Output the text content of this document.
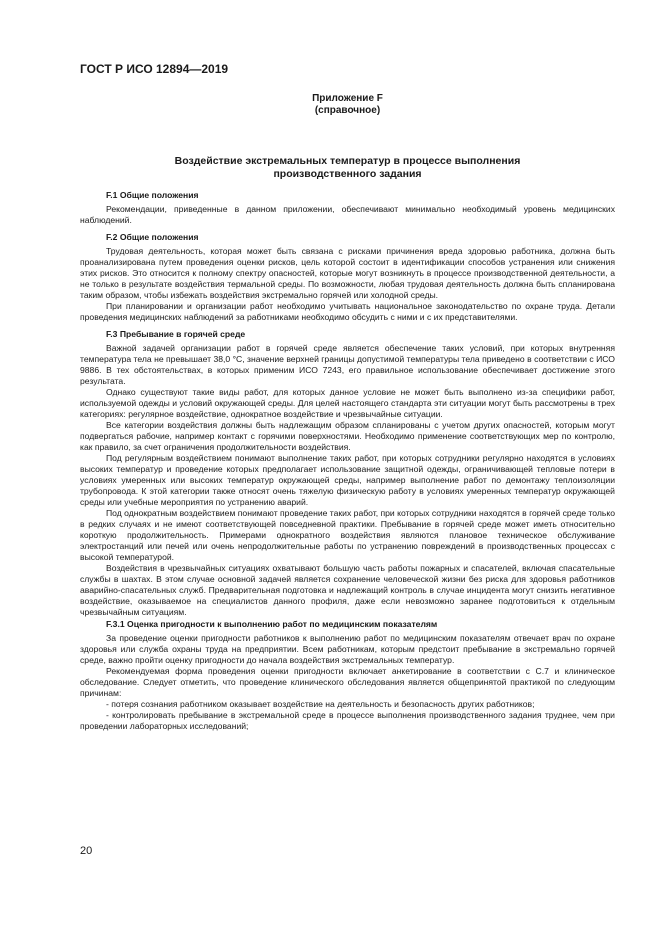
ГОСТ Р ИСО 12894—2019
Приложение F
(справочное)
Воздействие экстремальных температур в процессе выполнения
производственного задания
F.1 Общие положения

Рекомендации, приведенные в данном приложении, обеспечивают минимально необходимый уровень медицинских наблюдений.

F.2 Общие положения

Трудовая деятельность, которая может быть связана с рисками причинения вреда здоровью работника, должна быть проанализирована путем проведения оценки рисков, цель которой состоит в идентификации способов устранения или снижения этих рисков. Это относится к полному спектру опасностей, которые могут возникнуть в процессе производственной деятельности, а не только в результате воздействия термальной среды. По возможности, любая трудовая деятельность должна быть спланирована таким образом, чтобы избежать воздействия экстремально горячей или холодной среды.

При планировании и организации работ необходимо учитывать национальное законодательство по охране труда. Детали проведения медицинских наблюдений за работниками необходимо обсудить с ними и с их представителями.

F.3 Пребывание в горячей среде

Важной задачей организации работ в горячей среде является обеспечение таких условий, при которых внутренняя температура тела не превышает 38,0 °С, значение верхней границы допустимой температуры тела приведено в соответствии с ИСО 9886. В тех обстоятельствах, в которых применим ИСО 7243, его правильное использование обеспечивает достижение этого результата.

Однако существуют такие виды работ, для которых данное условие не может быть выполнено из-за специфики работ, используемой одежды и условий окружающей среды. Для целей настоящего стандарта эти ситуации могут быть рассмотрены в трех категориях: регулярное воздействие, однократное воздействие и чрезвычайные ситуации.

Все категории воздействия должны быть надлежащим образом спланированы с учетом других опасностей, которым могут подвергаться рабочие, например контакт с горячими поверхностями. Необходимо применение соответствующих мер по контролю, как правило, за счет ограничения продолжительности воздействия.

Под регулярным воздействием понимают выполнение таких работ, при которых сотрудники регулярно находятся в условиях высоких температур и проведение которых предполагает использование защитной одежды, ограничивающей тепловые потери в условиях умеренных или высоких температур окружающей среды, например выполнение работ по демонтажу теплоизоляции трубопровода. К этой категории также относят очень тяжелую физическую работу в условиях умеренных температур окружающей среды или учебные мероприятия по устранению аварий.

Под однократным воздействием понимают проведение таких работ, при которых сотрудники находятся в горячей среде только в редких случаях и не имеют соответствующей повседневной практики. Пребывание в горячей среде может иметь относительно короткую продолжительность. Примерами однократного воздействия являются плановое техническое обслуживание электростанций или печей или очень непродолжительные работы по устранению повреждений в производственных процессах с высокой температурой.

Воздействия в чрезвычайных ситуациях охватывают большую часть работы пожарных и спасателей, включая спасательные службы в шахтах. В этом случае основной задачей является сохранение человеческой жизни без риска для здоровья работников аварийно-спасательных служб. Предварительная подготовка и надлежащий контроль в случае инцидента могут снизить негативное воздействие, оказываемое на специалистов данного профиля, даже если невозможно заранее подготовиться к отдельным чрезвычайным ситуациям.

F.3.1 Оценка пригодности к выполнению работ по медицинским показателям

За проведение оценки пригодности работников к выполнению работ по медицинским показателям отвечает врач по охране здоровья или служба охраны труда на предприятии. Всем работникам, которым предстоит пребывание в экстремально горячей среде, важно пройти оценку пригодности до начала воздействия экстремальных температур.

Рекомендуемая форма проведения оценки пригодности включает анкетирование в соответствии с С.7 и клиническое обследование. Следует отметить, что проведение клинического обследования является общепринятой практикой по следующим причинам:

- потеря сознания работником оказывает воздействие на деятельность и безопасность других работников;

- контролировать пребывание в экстремальной среде в процессе выполнения производственного задания труднее, чем при проведении лабораторных исследований;

20
